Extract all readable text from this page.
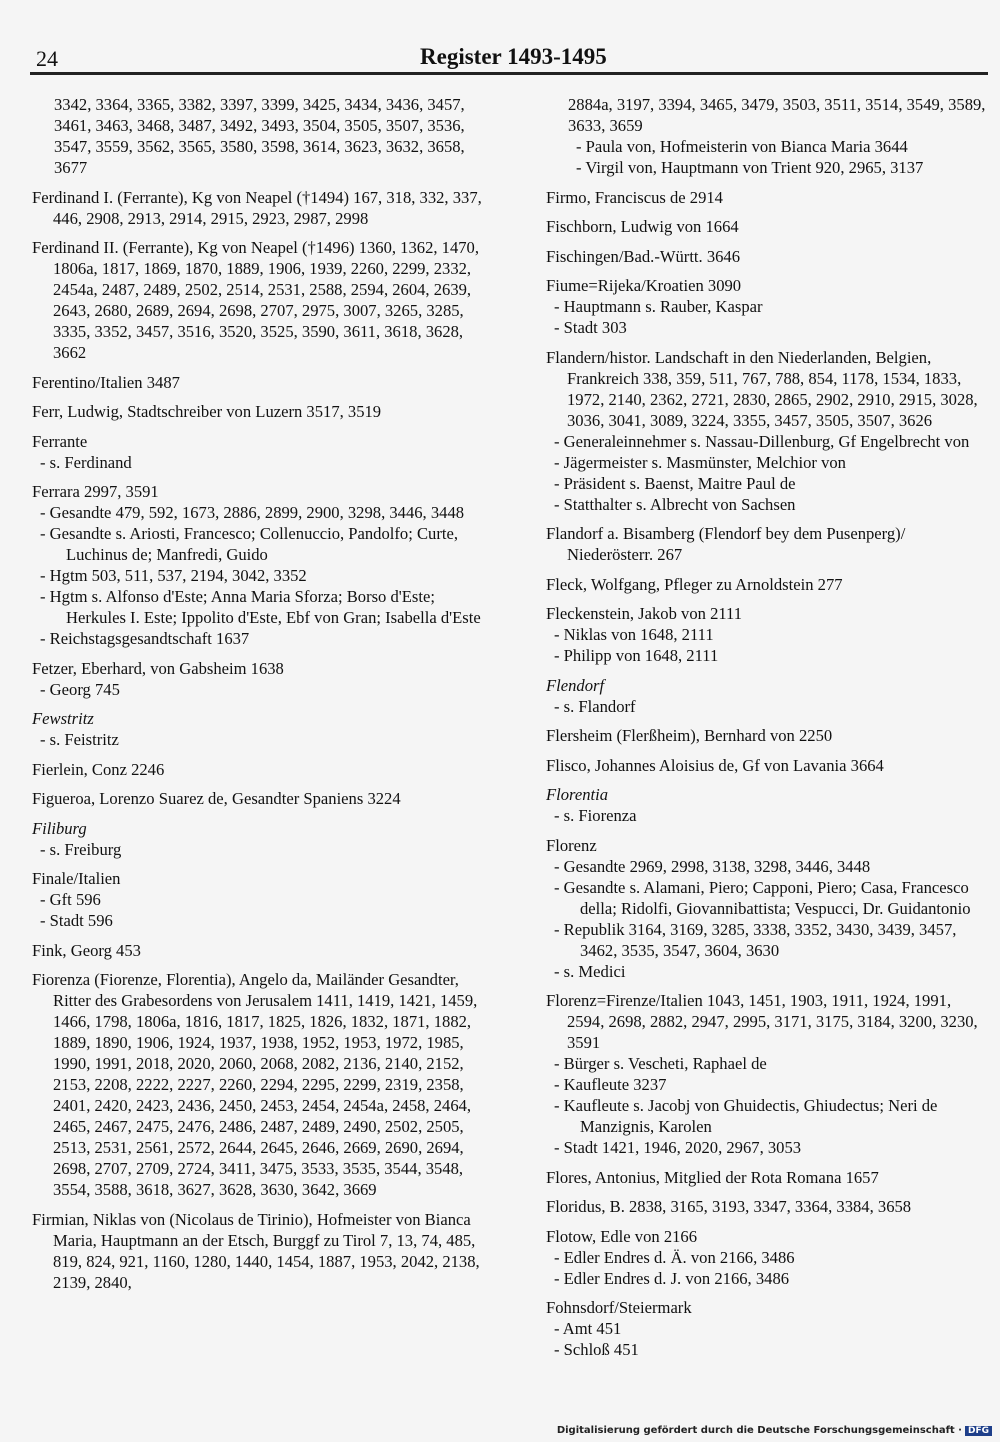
24	Register 1493-1495
3342, 3364, 3365, 3382, 3397, 3399, 3425, 3434, 3436, 3457, 3461, 3463, 3468, 3487, 3492, 3493, 3504, 3505, 3507, 3536, 3547, 3559, 3562, 3565, 3580, 3598, 3614, 3623, 3632, 3658, 3677
Ferdinand I. (Ferrante), Kg von Neapel (†1494) 167, 318, 332, 337, 446, 2908, 2913, 2914, 2915, 2923, 2987, 2998
Ferdinand II. (Ferrante), Kg von Neapel (†1496) 1360, 1362, 1470, 1806a, 1817, 1869, 1870, 1889, 1906, 1939, 2260, 2299, 2332, 2454a, 2487, 2489, 2502, 2514, 2531, 2588, 2594, 2604, 2639, 2643, 2680, 2689, 2694, 2698, 2707, 2975, 3007, 3265, 3285, 3335, 3352, 3457, 3516, 3520, 3525, 3590, 3611, 3618, 3628, 3662
Ferentino/Italien 3487
Ferr, Ludwig, Stadtschreiber von Luzern 3517, 3519
Ferrante
- s. Ferdinand
Ferrara 2997, 3591
- Gesandte 479, 592, 1673, 2886, 2899, 2900, 3298, 3446, 3448
- Gesandte s. Ariosti, Francesco; Collenuccio, Pandolfo; Curte, Luchinus de; Manfredi, Guido
- Hgtm 503, 511, 537, 2194, 3042, 3352
- Hgtm s. Alfonso d'Este; Anna Maria Sforza; Borso d'Este; Herkules I. Este; Ippolito d'Este, Ebf von Gran; Isabella d'Este
- Reichstagsgesandtschaft 1637
Fetzer, Eberhard, von Gabsheim 1638
- Georg 745
Fewstritz
- s. Feistritz
Fierlein, Conz 2246
Figueroa, Lorenzo Suarez de, Gesandter Spaniens 3224
Filiburg
- s. Freiburg
Finale/Italien
- Gft 596
- Stadt 596
Fink, Georg 453
Fiorenza (Fiorenze, Florentia), Angelo da, Mailänder Gesandter, Ritter des Grabesordens von Jerusalem 1411, 1419, 1421, 1459, 1466, 1798, 1806a, 1816, 1817, 1825, 1826, 1832, 1871, 1882, 1889, 1890, 1906, 1924, 1937, 1938, 1952, 1953, 1972, 1985, 1990, 1991, 2018, 2020, 2060, 2068, 2082, 2136, 2140, 2152, 2153, 2208, 2222, 2227, 2260, 2294, 2295, 2299, 2319, 2358, 2401, 2420, 2423, 2436, 2450, 2453, 2454, 2454a, 2458, 2464, 2465, 2467, 2475, 2476, 2486, 2487, 2489, 2490, 2502, 2505, 2513, 2531, 2561, 2572, 2644, 2645, 2646, 2669, 2690, 2694, 2698, 2707, 2709, 2724, 3411, 3475, 3533, 3535, 3544, 3548, 3554, 3588, 3618, 3627, 3628, 3630, 3642, 3669
Firmian, Niklas von (Nicolaus de Tirinio), Hofmeister von Bianca Maria, Hauptmann an der Etsch, Burggf zu Tirol 7, 13, 74, 485, 819, 824, 921, 1160, 1280, 1440, 1454, 1887, 1953, 2042, 2138, 2139, 2840,
2884a, 3197, 3394, 3465, 3479, 3503, 3511, 3514, 3549, 3589, 3633, 3659
- Paula von, Hofmeisterin von Bianca Maria 3644
- Virgil von, Hauptmann von Trient 920, 2965, 3137
Firmo, Franciscus de 2914
Fischborn, Ludwig von 1664
Fischingen/Bad.-Württ. 3646
Fiume=Rijeka/Kroatien 3090
- Hauptmann s. Rauber, Kaspar
- Stadt 303
Flandern/histor. Landschaft in den Niederlanden, Belgien, Frankreich 338, 359, 511, 767, 788, 854, 1178, 1534, 1833, 1972, 2140, 2362, 2721, 2830, 2865, 2902, 2910, 2915, 3028, 3036, 3041, 3089, 3224, 3355, 3457, 3505, 3507, 3626
- Generaleinnehmer s. Nassau-Dillenburg, Gf Engelbrecht von
- Jägermeister s. Masmünster, Melchior von
- Präsident s. Baenst, Maitre Paul de
- Statthalter s. Albrecht von Sachsen
Flandorf a. Bisamberg (Flendorf bey dem Pusenperg)/ Niederösterr. 267
Fleck, Wolfgang, Pfleger zu Arnoldstein 277
Fleckenstein, Jakob von 2111
- Niklas von 1648, 2111
- Philipp von 1648, 2111
Flendorf
- s. Flandorf
Flersheim (Flerßheim), Bernhard von 2250
Flisco, Johannes Aloisius de, Gf von Lavania 3664
Florentia
- s. Fiorenza
Florenz
- Gesandte 2969, 2998, 3138, 3298, 3446, 3448
- Gesandte s. Alamani, Piero; Capponi, Piero; Casa, Francesco della; Ridolfi, Giovannibattista; Vespucci, Dr. Guidantonio
- Republik 3164, 3169, 3285, 3338, 3352, 3430, 3439, 3457, 3462, 3535, 3547, 3604, 3630
- s. Medici
Florenz=Firenze/Italien 1043, 1451, 1903, 1911, 1924, 1991, 2594, 2698, 2882, 2947, 2995, 3171, 3175, 3184, 3200, 3230, 3591
- Bürger s. Vescheti, Raphael de
- Kaufleute 3237
- Kaufleute s. Jacobj von Ghuidectis, Ghiudectus; Neri de Manzignis, Karolen
- Stadt 1421, 1946, 2020, 2967, 3053
Flores, Antonius, Mitglied der Rota Romana 1657
Floridus, B. 2838, 3165, 3193, 3347, 3364, 3384, 3658
Flotow, Edle von 2166
- Edler Endres d. Ä. von 2166, 3486
- Edler Endres d. J. von 2166, 3486
Fohnsdorf/Steiermark
- Amt 451
- Schloß 451
Digitalisierung gefördert durch die Deutsche Forschungsgemeinschaft · DFG
